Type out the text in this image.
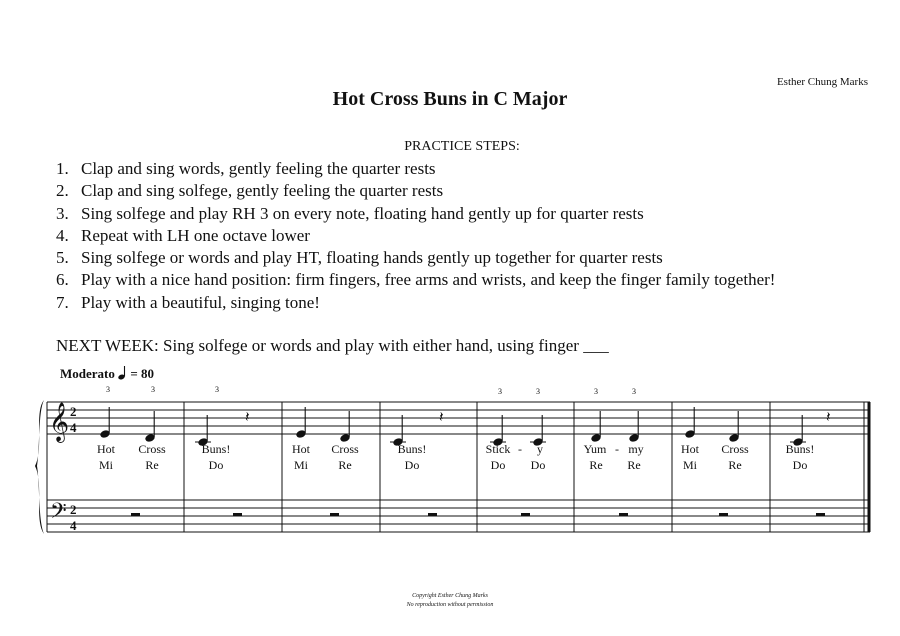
Esther Chung Marks
Hot Cross Buns in C Major
PRACTICE STEPS:
1. Clap and sing words, gently feeling the quarter rests
2. Clap and sing solfege, gently feeling the quarter rests
3. Sing solfege and play RH 3 on every note, floating hand gently up for quarter rests
4. Repeat with LH one octave lower
5. Sing solfege or words and play HT, floating hands gently up together for quarter rests
6. Play with a nice hand position: firm fingers, free arms and wrists, and keep the finger family together!
7. Play with a beautiful, singing tone!
NEXT WEEK: Sing solfege or words and play with either hand, using finger ___
Moderato = 80
𝄞
𝄢
2
4
2
4
𝄽	𝄽	𝄽
3	3	3	3	3	3	3
Hot Cross	Buns!	Hot Cross	Buns!	Stick - y	Yum - my	Hot Cross	Buns!
Mi	Re	Do	Mi	Re	Do	Do Do	Re Re	Mi	Re	Do
Copyright Esther Chung Marks
No reproduction without permission
